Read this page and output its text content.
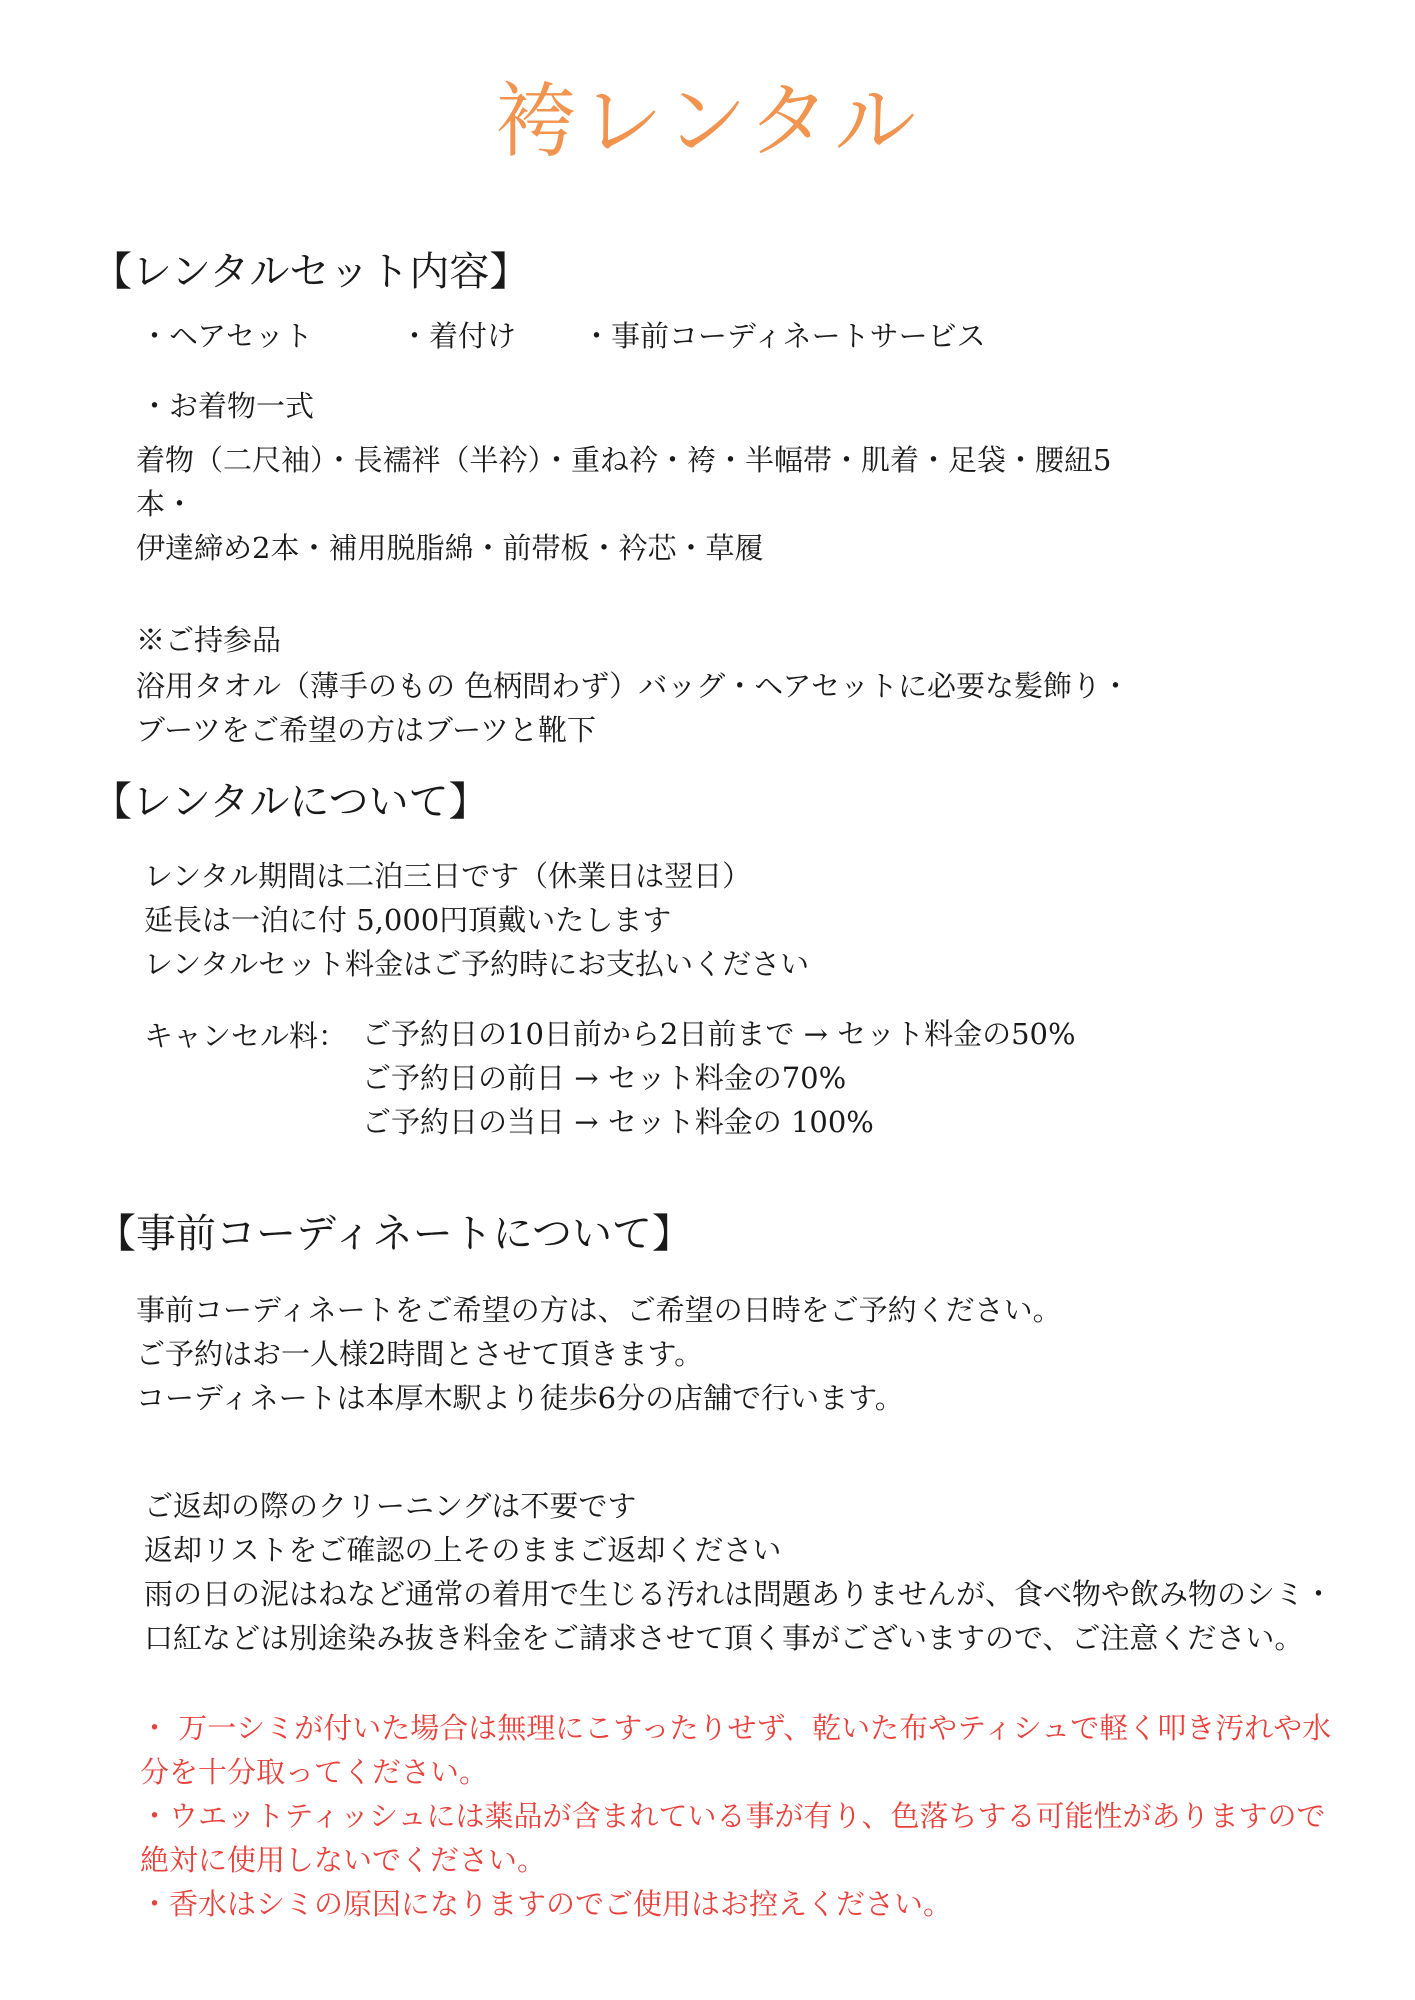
袴レンタル
【レンタルセット内容】
・ヘアセット	・着付け ・事前コーディネートサービス
・お着物一式
着物（二尺袖）・長襦袢（半衿）・重ね衿・袴・半幅帯・肌着・足袋・腰紐5
本・
伊達締め2本・補用脱脂綿・前帯板・衿芯・草履
※ご持参品
浴用タオル（薄手のもの 色柄問わず）バッグ・ヘアセットに必要な髪飾り・
ブーツをご希望の方はブーツと靴下
【レンタルについて】
レンタル期間は二泊三日です（休業日は翌日）
延長は一泊に付 5,000円頂戴いたします
レンタルセット料金はご予約時にお支払いください
キャンセル料： ご予約日の10日前から2日前まで → セット料金の50%
ご予約日の前日 → セット料金の70%
ご予約日の当日 → セット料金の 100%
【事前コーディネートについて】
事前コーディネートをご希望の方は、ご希望の日時をご予約ください。
ご予約はお一人様2時間とさせて頂きます。
コーディネートは本厚木駅より徒歩6分の店舗で行います。
ご返却の際のクリーニングは不要です
返却リストをご確認の上そのままご返却ください
雨の日の泥はねなど通常の着用で生じる汚れは問題ありませんが、食べ物や飲み物のシミ・
口紅などは別途染み抜き料金をご請求させて頂く事がございますので、ご注意ください。
・ 万一シミが付いた場合は無理にこすったりせず、乾いた布やティシュで軽く叩き汚れや水
分を十分取ってください。
・ウエットティッシュには薬品が含まれている事が有り、色落ちする可能性がありますので
絶対に使用しないでください。
・香水はシミの原因になりますのでご使用はお控えください。
